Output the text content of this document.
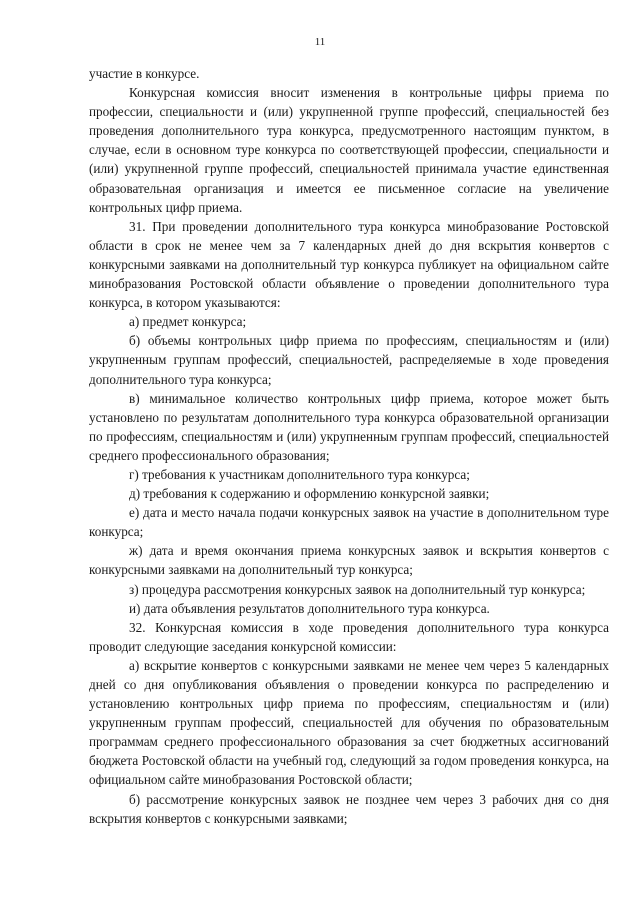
11

участие в конкурсе.

Конкурсная комиссия вносит изменения в контрольные цифры приема по профессии, специальности и (или) укрупненной группе профессий, специальностей без проведения дополнительного тура конкурса, предусмотренного настоящим пунктом, в случае, если в основном туре конкурса по соответствующей профессии, специальности и (или) укрупненной группе профессий, специальностей принимала участие единственная образовательная организация и имеется ее письменное согласие на увеличение контрольных цифр приема.

31. При проведении дополнительного тура конкурса минобразование Ростовской области в срок не менее чем за 7 календарных дней до дня вскрытия конвертов с конкурсными заявками на дополнительный тур конкурса публикует на официальном сайте минобразования Ростовской области объявление о проведении дополнительного тура конкурса, в котором указываются:

а) предмет конкурса;

б) объемы контрольных цифр приема по профессиям, специальностям и (или) укрупненным группам профессий, специальностей, распределяемые в ходе проведения дополнительного тура конкурса;

в) минимальное количество контрольных цифр приема, которое может быть установлено по результатам дополнительного тура конкурса образовательной организации по профессиям, специальностям и (или) укрупненным группам профессий, специальностей среднего профессионального образования;

г) требования к участникам дополнительного тура конкурса;

д) требования к содержанию и оформлению конкурсной заявки;

е) дата и место начала подачи конкурсных заявок на участие в дополнительном туре конкурса;

ж) дата и время окончания приема конкурсных заявок и вскрытия конвертов с конкурсными заявками на дополнительный тур конкурса;

з) процедура рассмотрения конкурсных заявок на дополнительный тур конкурса;

и) дата объявления результатов дополнительного тура конкурса.

32. Конкурсная комиссия в ходе проведения дополнительного тура конкурса проводит следующие заседания конкурсной комиссии:

а) вскрытие конвертов с конкурсными заявками не менее чем через 5 календарных дней со дня опубликования объявления о проведении конкурса по распределению и установлению контрольных цифр приема по профессиям, специальностям и (или) укрупненным группам профессий, специальностей для обучения по образовательным программам среднего профессионального образования за счет бюджетных ассигнований бюджета Ростовской области на учебный год, следующий за годом проведения конкурса, на официальном сайте минобразования Ростовской области;

б) рассмотрение конкурсных заявок не позднее чем через 3 рабочих дня со дня вскрытия конвертов с конкурсными заявками;
